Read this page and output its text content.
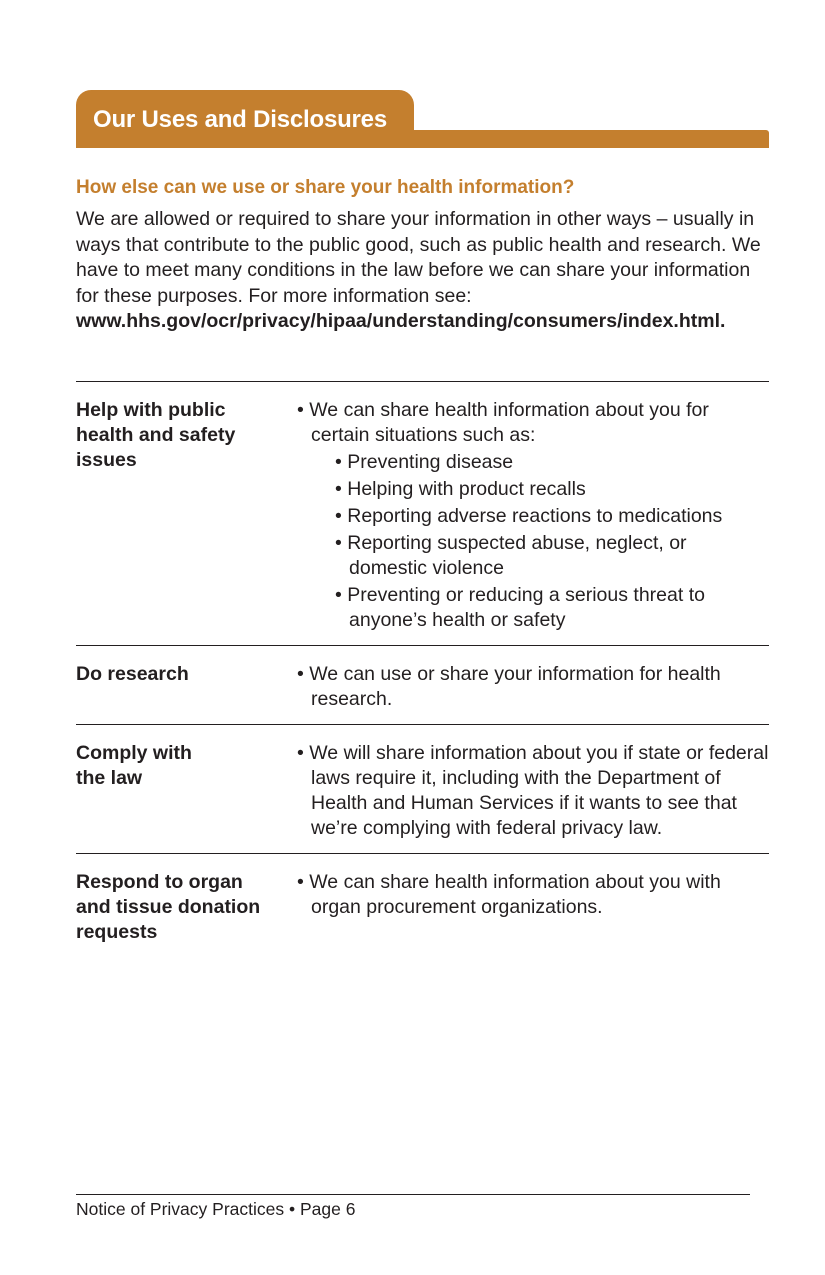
Our Uses and Disclosures
How else can we use or share your health information?
We are allowed or required to share your information in other ways – usually in ways that contribute to the public good, such as public health and research. We have to meet many conditions in the law before we can share your information for these purposes. For more information see:
www.hhs.gov/ocr/privacy/hipaa/understanding/consumers/index.html.
Help with public health and safety issues
• We can share health information about you for certain situations such as:
• Preventing disease
• Helping with product recalls
• Reporting adverse reactions to medications
• Reporting suspected abuse, neglect, or domestic violence
• Preventing or reducing a serious threat to anyone’s health or safety
Do research	• We can use or share your information for health research.
Comply with the law
• We will share information about you if state or federal laws require it, including with the Department of Health and Human Services if it wants to see that we’re complying with federal privacy law.
Respond to organ and tissue donation requests
• We can share health information about you with organ procurement organizations.
Notice of Privacy Practices • Page 6
